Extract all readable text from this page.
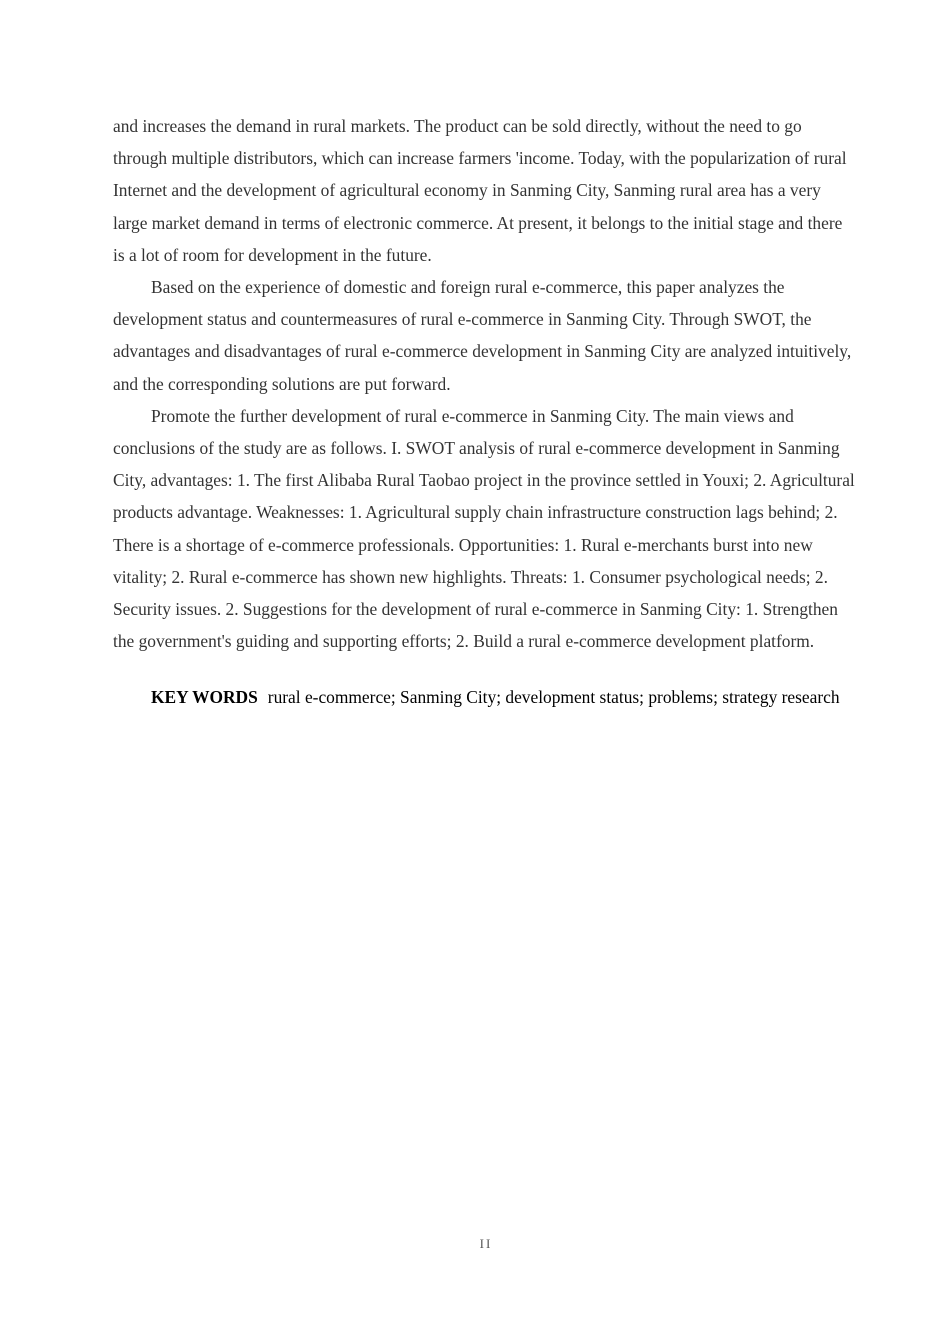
and increases the demand in rural markets. The product can be sold directly, without the need to go through multiple distributors, which can increase farmers 'income. Today, with the popularization of rural Internet and the development of agricultural economy in Sanming City, Sanming rural area has a very large market demand in terms of electronic commerce. At present, it belongs to the initial stage and there is a lot of room for development in the future.

Based on the experience of domestic and foreign rural e-commerce, this paper analyzes the development status and countermeasures of rural e-commerce in Sanming City. Through SWOT, the advantages and disadvantages of rural e-commerce development in Sanming City are analyzed intuitively, and the corresponding solutions are put forward.

Promote the further development of rural e-commerce in Sanming City. The main views and conclusions of the study are as follows. I. SWOT analysis of rural e-commerce development in Sanming City, advantages: 1. The first Alibaba Rural Taobao project in the province settled in Youxi; 2. Agricultural products advantage. Weaknesses: 1. Agricultural supply chain infrastructure construction lags behind; 2. There is a shortage of e-commerce professionals. Opportunities: 1. Rural e-merchants burst into new vitality; 2. Rural e-commerce has shown new highlights. Threats: 1. Consumer psychological needs; 2. Security issues. 2. Suggestions for the development of rural e-commerce in Sanming City: 1. Strengthen the government's guiding and supporting efforts; 2. Build a rural e-commerce development platform.

KEY WORDS rural e-commerce; Sanming City; development status; problems; strategy research

II
